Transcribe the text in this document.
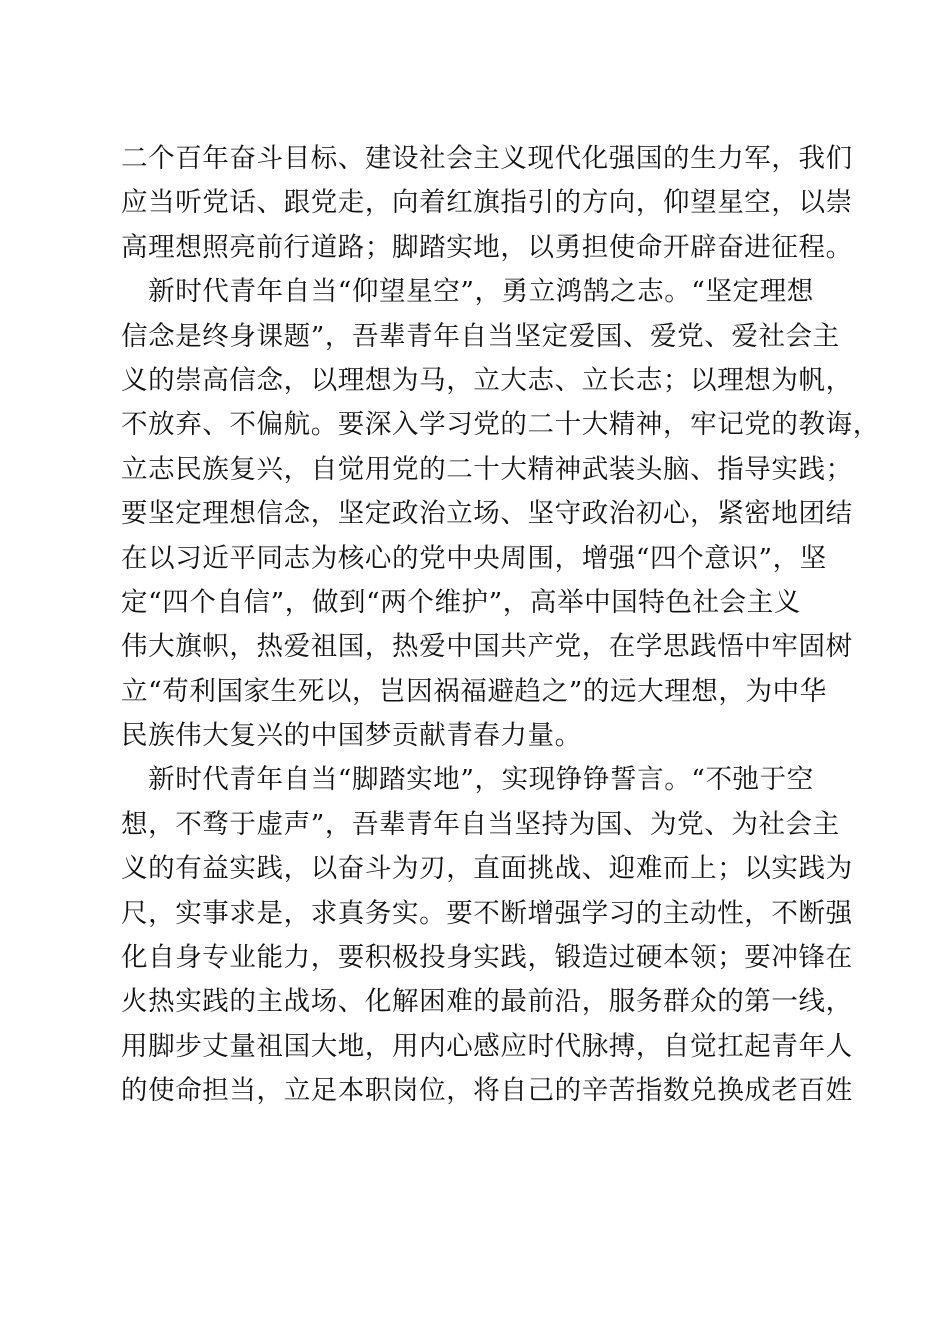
二个百年奋斗目标、建设社会主义现代化强国的生力军，我们
应当听党话、跟党走，向着红旗指引的方向，仰望星空，以崇
高理想照亮前行道路；脚踏实地，以勇担使命开辟奋进征程。
　新时代青年自当“仰望星空”，勇立鸿鹄之志。“坚定理想
信念是终身课题”，吾辈青年自当坚定爱国、爱党、爱社会主
义的崇高信念，以理想为马，立大志、立长志；以理想为帆，
不放弃、不偏航。要深入学习党的二十大精神，牢记党的教诲，
立志民族复兴，自觉用党的二十大精神武装头脑、指导实践；
要坚定理想信念，坚定政治立场、坚守政治初心，紧密地团结
在以习近平同志为核心的党中央周围，增强“四个意识”，坚
定“四个自信”，做到“两个维护”，高举中国特色社会主义
伟大旗帜，热爱祖国，热爱中国共产党，在学思践悟中牢固树
立“苟利国家生死以，岂因祸福避趋之”的远大理想，为中华
民族伟大复兴的中国梦贡献青春力量。
　新时代青年自当“脚踏实地”，实现铮铮誓言。“不弛于空
想，不骛于虚声”，吾辈青年自当坚持为国、为党、为社会主
义的有益实践，以奋斗为刃，直面挑战、迎难而上；以实践为
尺，实事求是，求真务实。要不断增强学习的主动性，不断强
化自身专业能力，要积极投身实践，锻造过硬本领；要冲锋在
火热实践的主战场、化解困难的最前沿，服务群众的第一线，
用脚步丈量祖国大地，用内心感应时代脉搏，自觉扛起青年人
的使命担当，立足本职岗位，将自己的辛苦指数兑换成老百姓
